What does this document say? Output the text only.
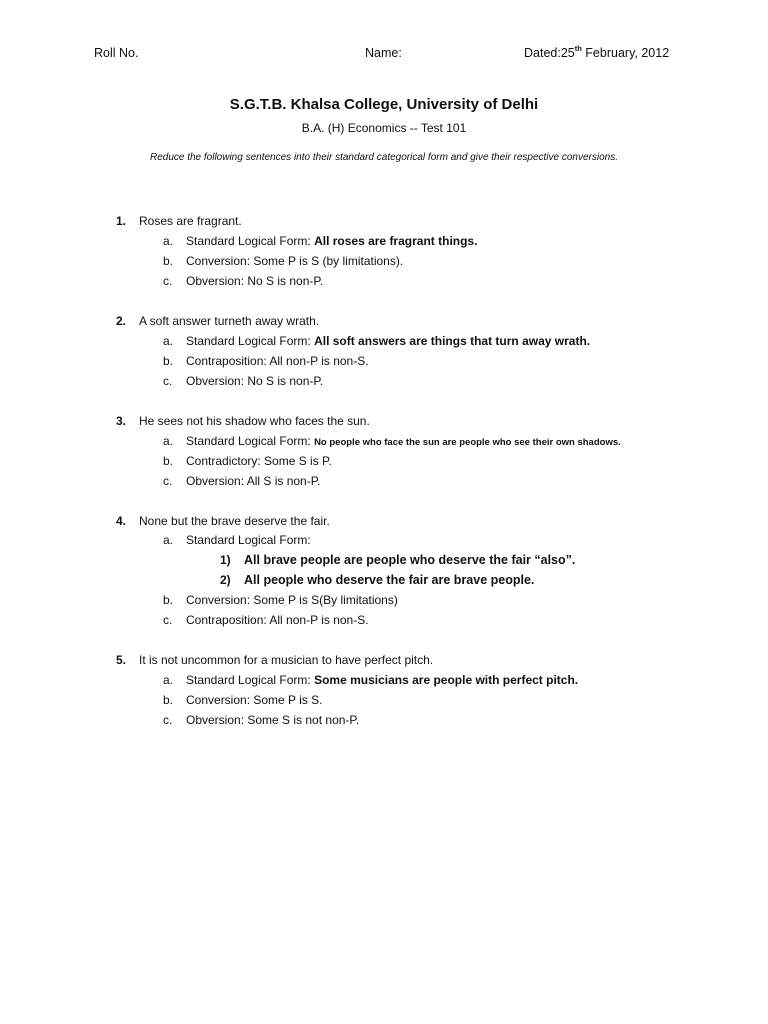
Roll No.	Name:	Dated:25th February, 2012
S.G.T.B. Khalsa College, University of Delhi
B.A. (H) Economics -- Test 101
Reduce the following sentences into their standard categorical form and give their respective conversions.
1. Roses are fragrant.
a. Standard Logical Form: All roses are fragrant things.
b. Conversion: Some P is S (by limitations).
c. Obversion: No S is non-P.
2. A soft answer turneth away wrath.
a. Standard Logical Form: All soft answers are things that turn away wrath.
b. Contraposition: All non-P is non-S.
c. Obversion: No S is non-P.
3. He sees not his shadow who faces the sun.
a. Standard Logical Form: No people who face the sun are people who see their own shadows.
b. Contradictory: Some S is P.
c. Obversion: All S is non-P.
4. None but the brave deserve the fair.
a. Standard Logical Form:
1) All brave people are people who deserve the fair “also”.
2) All people who deserve the fair are brave people.
b. Conversion: Some P is S(By limitations)
c. Contraposition: All non-P is non-S.
5. It is not uncommon for a musician to have perfect pitch.
a. Standard Logical Form: Some musicians are people with perfect pitch.
b. Conversion: Some P is S.
c. Obversion: Some S is not non-P.
